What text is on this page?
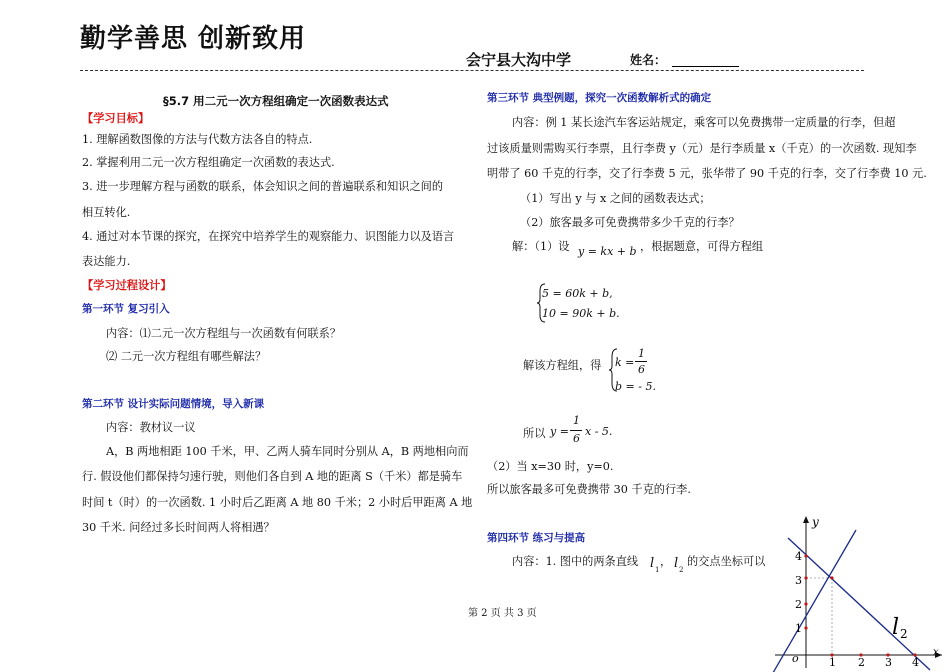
勤学善思 创新致用
会宁县大沟中学	姓名：
§5.7 用二元一次方程组确定一次函数表达式
【学习目标】
1. 理解函数图像的方法与代数方法各自的特点.
2. 掌握利用二元一次方程组确定一次函数的表达式.
3. 进一步理解方程与函数的联系，体会知识之间的普遍联系和知识之间的
相互转化.
4. 通过对本节课的探究，在探究中培养学生的观察能力、识图能力以及语言
表达能力.
【学习过程设计】
第一环节 复习引入
内容：⑴二元一次方程组与一次函数有何联系？
⑵ 二元一次方程组有哪些解法？
第二环节 设计实际问题情境，导入新课
内容：教材议一议
A，B 两地相距 100 千米，甲、乙两人骑车同时分别从 A，B 两地相向而
行. 假设他们都保持匀速行驶，则他们各自到 A 地的距离 S（千米）都是骑车
时间 t（时）的一次函数. 1 小时后乙距离 A 地 80 千米；2 小时后甲距离 A 地
30 千米. 问经过多长时间两人将相遇？
第三环节 典型例题，探究一次函数解析式的确定
内容：例 1 某长途汽车客运站规定，乘客可以免费携带一定质量的行李，但超
过该质量则需购买行李票，且行李费 y（元）是行李质量 x（千克）的一次函数. 现知李
明带了 60 千克的行李，交了行李费 5 元，张华带了 90 千克的行李，交了行李费 10 元.
（1）写出 y 与 x 之间的函数表达式；
（2）旅客最多可免费携带多少千克的行李？
解：（1）设 y = kx + b ，根据题意，可得方程组
5 = 60k + b,
10 = 90k + b.
解该方程组，得 k =
1
6
b = - 5.
所以 y =
1
6
x - 5.
（2）当 x=30 时，y=0.
所以旅客最多可免费携带 30 千克的行李.
第四环节 练习与提高
内容：1. 图中的两条直线 l 1
， l 2
的交点坐标可以
y
x
o	1 2 3 4
1
2
3
4
l 2
第 2 页 共 3 页
